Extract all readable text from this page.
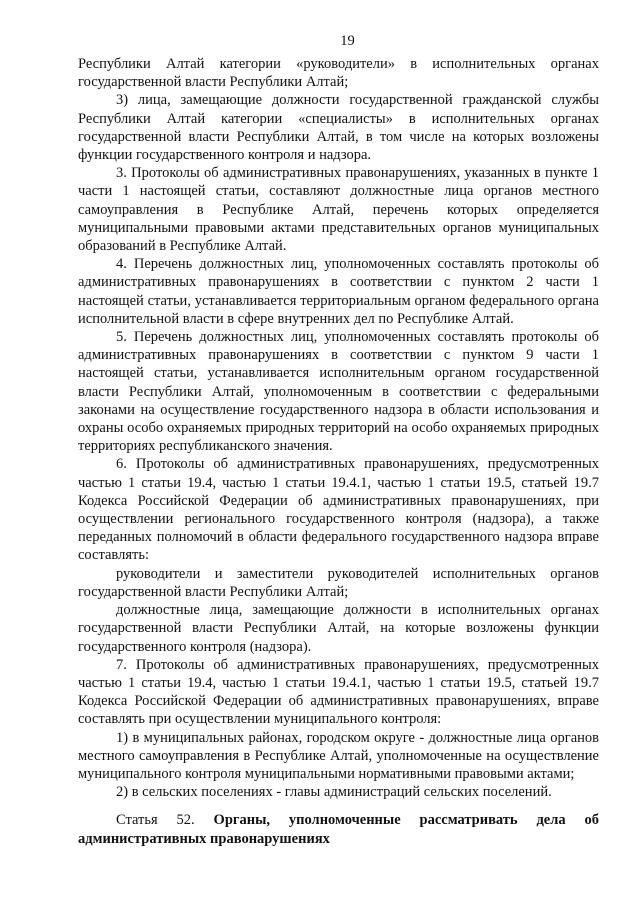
19

Республики Алтай категории «руководители» в исполнительных органах государственной власти Республики Алтай;

3) лица, замещающие должности государственной гражданской службы Республики Алтай категории «специалисты» в исполнительных органах государственной власти Республики Алтай, в том числе на которых возложены функции государственного контроля и надзора.

3. Протоколы об административных правонарушениях, указанных в пункте 1 части 1 настоящей статьи, составляют должностные лица органов местного самоуправления в Республике Алтай, перечень которых определяется муниципальными правовыми актами представительных органов муниципальных образований в Республике Алтай.

4. Перечень должностных лиц, уполномоченных составлять протоколы об административных правонарушениях в соответствии с пунктом 2 части 1 настоящей статьи, устанавливается территориальным органом федерального органа исполнительной власти в сфере внутренних дел по Республике Алтай.

5. Перечень должностных лиц, уполномоченных составлять протоколы об административных правонарушениях в соответствии с пунктом 9 части 1 настоящей статьи, устанавливается исполнительным органом государственной власти Республики Алтай, уполномоченным в соответствии с федеральными законами на осуществление государственного надзора в области использования и охраны особо охраняемых природных территорий на особо охраняемых природных территориях республиканского значения.

6. Протоколы об административных правонарушениях, предусмотренных частью 1 статьи 19.4, частью 1 статьи 19.4.1, частью 1 статьи 19.5, статьей 19.7 Кодекса Российской Федерации об административных правонарушениях, при осуществлении регионального государственного контроля (надзора), а также переданных полномочий в области федерального государственного надзора вправе составлять:

руководители и заместители руководителей исполнительных органов государственной власти Республики Алтай;

должностные лица, замещающие должности в исполнительных органах государственной власти Республики Алтай, на которые возложены функции государственного контроля (надзора).

7. Протоколы об административных правонарушениях, предусмотренных частью 1 статьи 19.4, частью 1 статьи 19.4.1, частью 1 статьи 19.5, статьей 19.7 Кодекса Российской Федерации об административных правонарушениях, вправе составлять при осуществлении муниципального контроля:

1) в муниципальных районах, городском округе - должностные лица органов местного самоуправления в Республике Алтай, уполномоченные на осуществление муниципального контроля муниципальными нормативными правовыми актами;

2) в сельских поселениях - главы администраций сельских поселений.

Статья 52. Органы, уполномоченные рассматривать дела об административных правонарушениях
